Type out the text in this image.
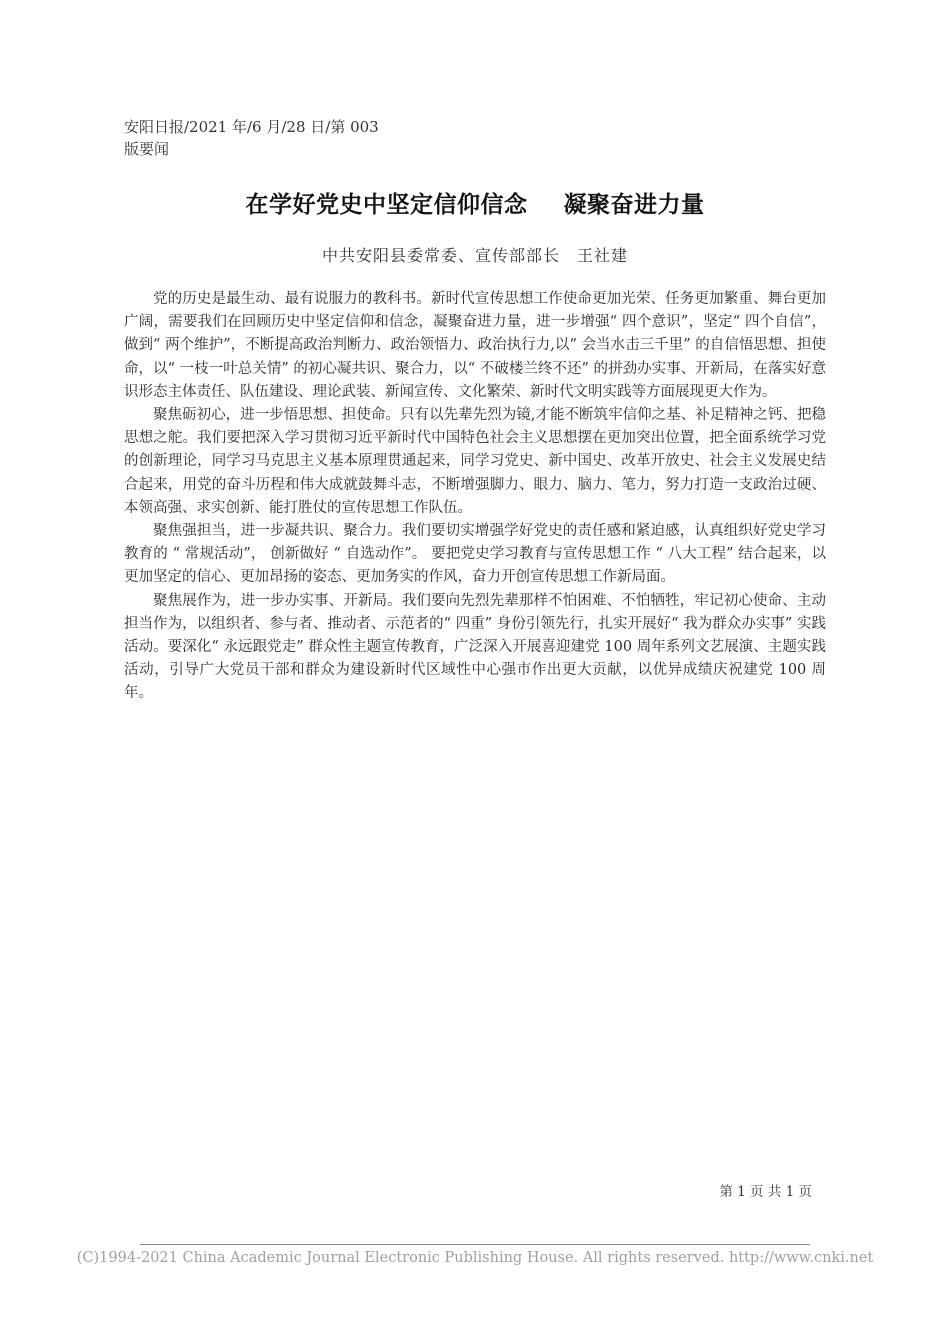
安阳日报/2021 年/6 月/28 日/第 003
版要闻
在学好党史中坚定信仰信念 凝聚奋进力量
中共安阳县委常委、宣传部部长　王社建

党的历史是最生动、最有说服力的教科书。新时代宣传思想工作使命更加光荣、任务更加繁重、舞台更加广阔，需要我们在回顾历史中坚定信仰和信念，凝聚奋进力量，进一步增强“ 四个意识”，坚定“ 四个自信”，做到“ 两个维护”，不断提高政治判断力、政治领悟力、政治执行力,以“ 会当水击三千里” 的自信悟思想、担使命，以“ 一枝一叶总关情” 的初心凝共识、聚合力，以“ 不破楼兰终不还” 的拼劲办实事、开新局，在落实好意识形态主体责任、队伍建设、理论武装、新闻宣传、文化繁荣、新时代文明实践等方面展现更大作为。

聚焦砺初心，进一步悟思想、担使命。只有以先辈先烈为镜,才能不断筑牢信仰之基、补足精神之钙、把稳思想之舵。我们要把深入学习贯彻习近平新时代中国特色社会主义思想摆在更加突出位置，把全面系统学习党的创新理论，同学习马克思主义基本原理贯通起来，同学习党史、新中国史、改革开放史、社会主义发展史结合起来，用党的奋斗历程和伟大成就鼓舞斗志，不断增强脚力、眼力、脑力、笔力，努力打造一支政治过硬、本领高强、求实创新、能打胜仗的宣传思想工作队伍。

聚焦强担当，进一步凝共识、聚合力。我们要切实增强学好党史的责任感和紧迫感，认真组织好党史学习教育的 “ 常规活动”， 创新做好 “ 自选动作”。 要把党史学习教育与宣传思想工作 “ 八大工程” 结合起来，以更加坚定的信心、更加昂扬的姿态、更加务实的作风，奋力开创宣传思想工作新局面。

聚焦展作为，进一步办实事、开新局。我们要向先烈先辈那样不怕困难、不怕牺牲，牢记初心使命、主动担当作为，以组织者、参与者、推动者、示范者的“ 四重” 身份引领先行，扎实开展好“ 我为群众办实事” 实践活动。要深化“ 永远跟党走” 群众性主题宣传教育，广泛深入开展喜迎建党 100 周年系列文艺展演、主题实践活动，引导广大党员干部和群众为建设新时代区域性中心强市作出更大贡献，以优异成绩庆祝建党 100 周年。

第 1 页 共 1 页
(C)1994-2021 China Academic Journal Electronic Publishing House. All rights reserved. http://www.cnki.net
